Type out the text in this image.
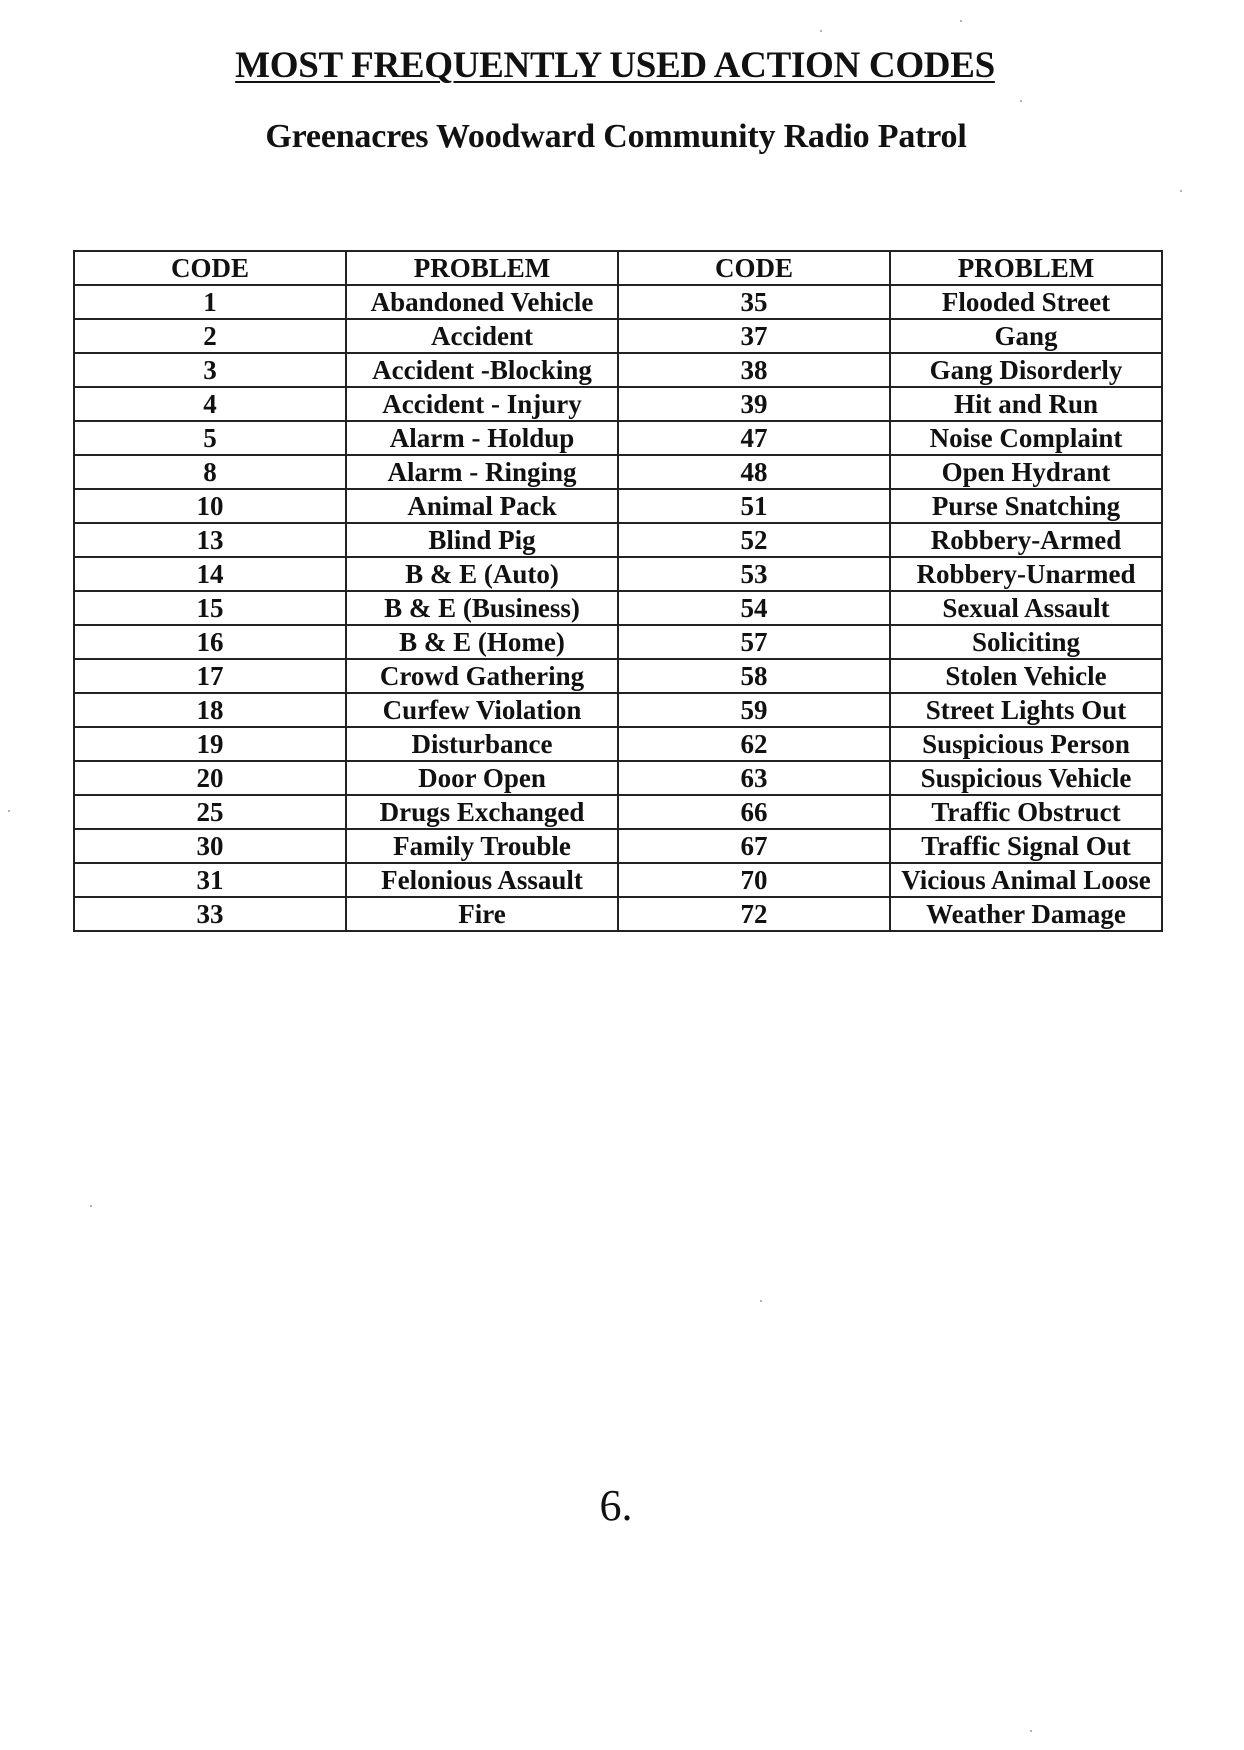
MOST FREQUENTLY USED ACTION CODES
Greenacres Woodward Community Radio Patrol
CODE	PROBLEM	CODE	PROBLEM
1	Abandoned Vehicle	35	Flooded Street
2	Accident	37	Gang
3	Accident -Blocking	38	Gang Disorderly
4	Accident - Injury	39	Hit and Run
5	Alarm - Holdup	47	Noise Complaint
8	Alarm - Ringing	48	Open Hydrant
10	Animal Pack	51	Purse Snatching
13	Blind Pig	52	Robbery-Armed
14	B & E (Auto)	53	Robbery-Unarmed
15	B & E (Business)	54	Sexual Assault
16	B & E (Home)	57	Soliciting
17	Crowd Gathering	58	Stolen Vehicle
18	Curfew Violation	59	Street Lights Out
19	Disturbance	62	Suspicious Person
20	Door Open	63	Suspicious Vehicle
25	Drugs Exchanged	66	Traffic Obstruct
30	Family Trouble	67	Traffic Signal Out
31	Felonious Assault	70	Vicious Animal Loose
33	Fire	72	Weather Damage
6.
